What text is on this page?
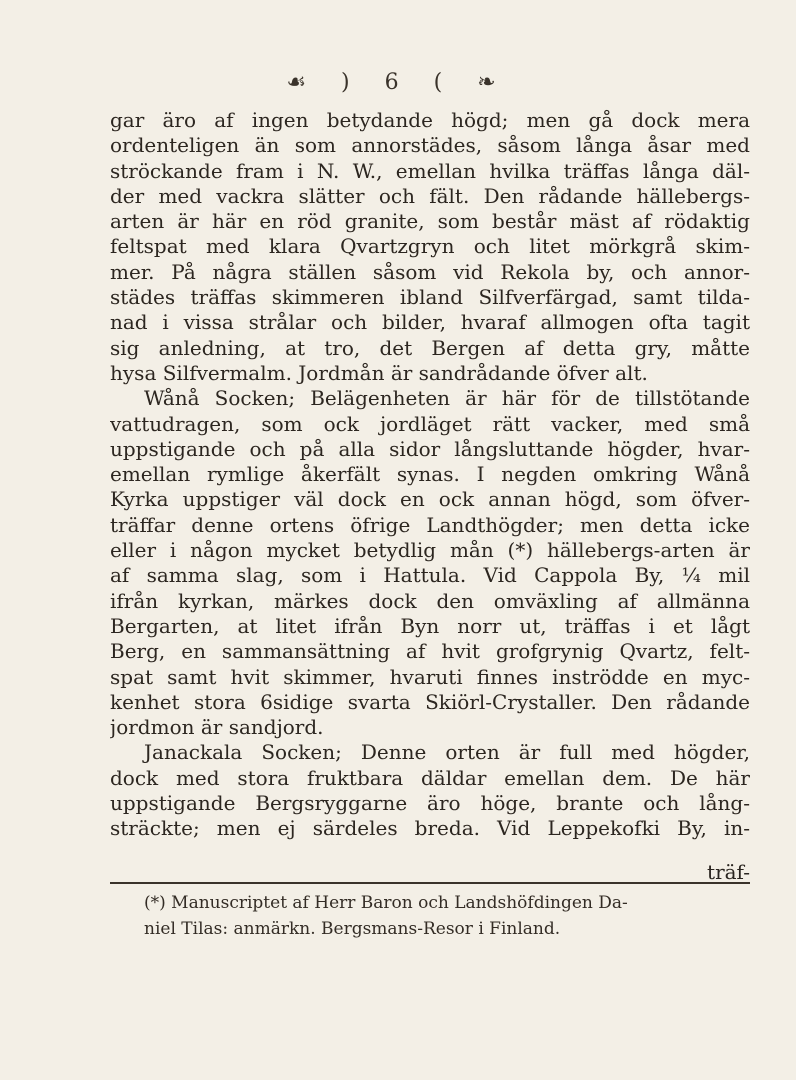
☙ ) 6 ( ❧
gar äro af ingen betydande högd; men gå dock mera
ordenteligen än som annorstädes, såsom långa åsar med
ströckande fram i N. W., emellan hvilka träffas långa däl-
der med vackra slätter och fält. Den rådande hällebergs-
arten är här en röd granite, som består mäst af rödaktig
feltspat med klara Qvartzgryn och litet mörkgrå skim-
mer. På några ställen såsom vid Rekola by, och annor-
städes träffas skimmeren ibland Silfverfärgad, samt tilda-
nad i vissa strålar och bilder, hvaraf allmogen ofta tagit
sig anledning, at tro, det Bergen af detta gry, måtte
hysa Silfvermalm. Jordmån är sandrådande öfver alt.
Wånå Socken; Belägenheten är här för de tillstötande
vattudragen, som ock jordläget rätt vacker, med små
uppstigande och på alla sidor långsluttande högder, hvar-
emellan rymlige åkerfält synas. I negden omkring Wånå
Kyrka uppstiger väl dock en ock annan högd, som öfver-
träffar denne ortens öfrige Landthögder; men detta icke
eller i någon mycket betydlig mån (*) hällebergs-arten är
af samma slag, som i Hattula. Vid Cappola By, ¼ mil
ifrån kyrkan, märkes dock den omväxling af allmänna
Bergarten, at litet ifrån Byn norr ut, träffas i et lågt
Berg, en sammansättning af hvit grofgrynig Qvartz, felt-
spat samt hvit skimmer, hvaruti finnes inströdde en myc-
kenhet stora 6sidige svarta Skiörl-Crystaller. Den rådande
jordmon är sandjord.
Janackala Socken; Denne orten är full med högder,
dock med stora fruktbara däldar emellan dem. De här
uppstigande Bergsryggarne äro höge, brante och lång-
sträckte; men ej särdeles breda. Vid Leppekofki By, in-
träf-
(*) Manuscriptet af Herr Baron och Landshöfdingen Da-
niel Tilas: anmärkn. Bergsmans-Resor i Finland.
